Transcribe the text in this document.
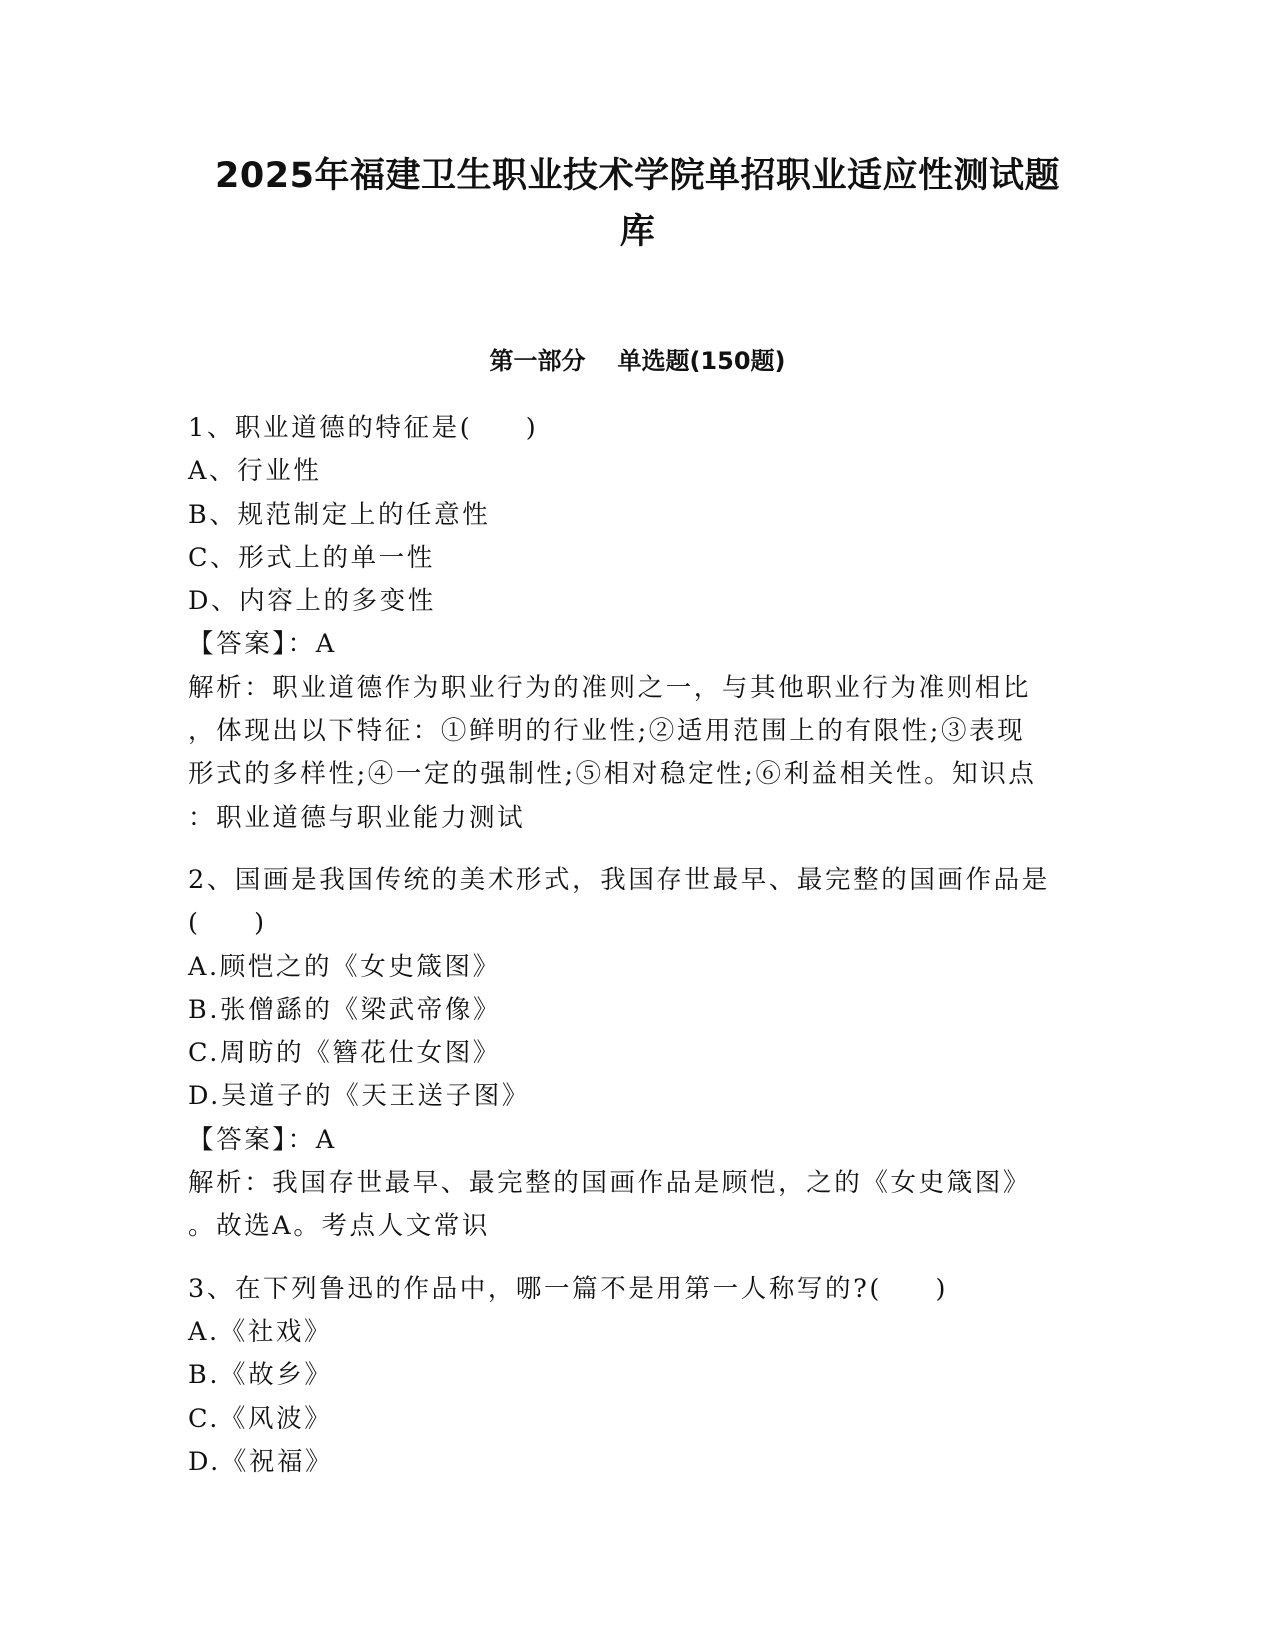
2025年福建卫生职业技术学院单招职业适应性测试题
库
第一部分 单选题(150题)
1、职业道德的特征是(     )
A、行业性
B、规范制定上的任意性
C、形式上的单一性
D、内容上的多变性
【答案】：A
解析：职业道德作为职业行为的准则之一，与其他职业行为准则相比
，体现出以下特征：①鲜明的行业性;②适用范围上的有限性;③表现
形式的多样性;④一定的强制性;⑤相对稳定性;⑥利益相关性。知识点
：职业道德与职业能力测试
2、国画是我国传统的美术形式，我国存世最早、最完整的国画作品是
(     )
A.顾恺之的《女史箴图》
B.张僧繇的《梁武帝像》
C.周昉的《簪花仕女图》
D.吴道子的《天王送子图》
【答案】：A
解析：我国存世最早、最完整的国画作品是顾恺，之的《女史箴图》
。故选A。考点人文常识
3、在下列鲁迅的作品中，哪一篇不是用第一人称写的?(     )
A.《社戏》
B.《故乡》
C.《风波》
D.《祝福》
